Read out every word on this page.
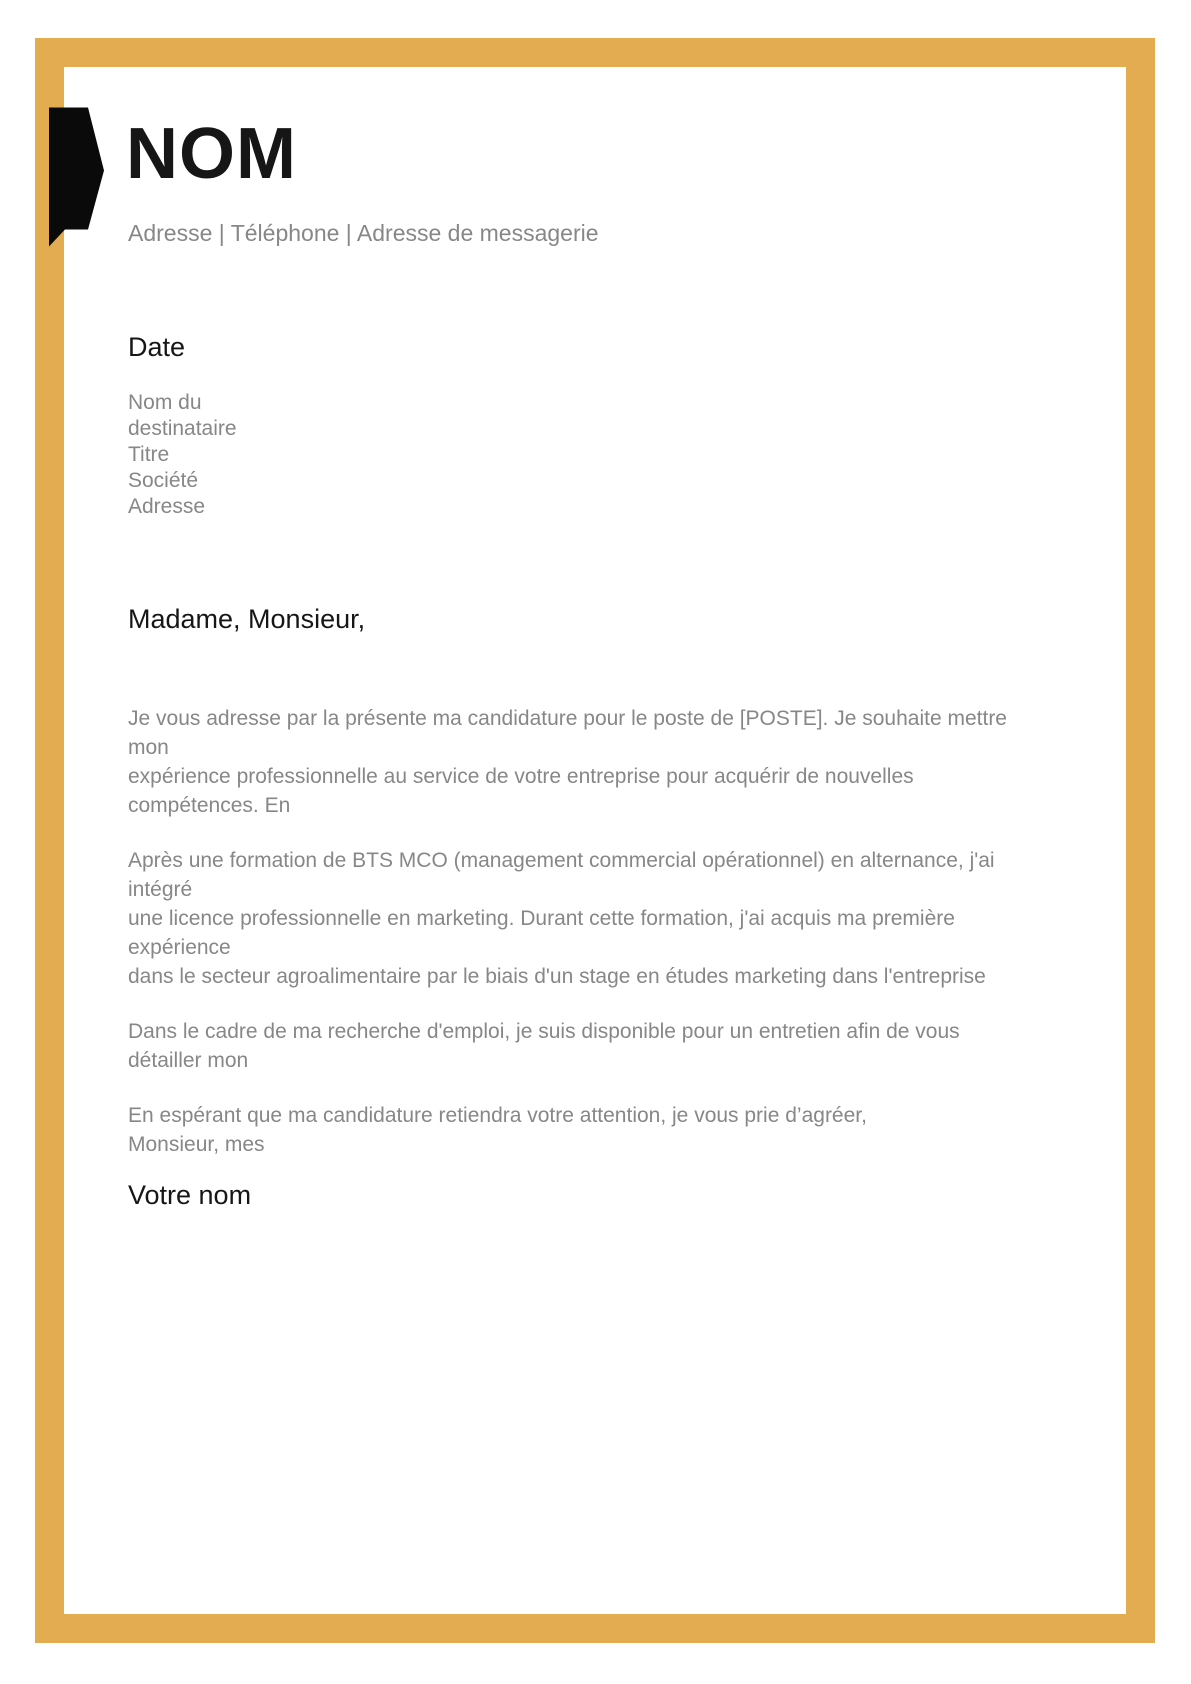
NOM
Adresse | Téléphone | Adresse de messagerie
Date
Nom du
destinataire
Titre
Société
Adresse
Madame, Monsieur,
Je vous adresse par la présente ma candidature pour le poste de [POSTE]. Je souhaite mettre
mon
expérience professionnelle au service de votre entreprise pour acquérir de nouvelles
compétences. En
Après une formation de BTS MCO (management commercial opérationnel) en alternance, j'ai
intégré
une licence professionnelle en marketing. Durant cette formation, j'ai acquis ma première
expérience
dans le secteur agroalimentaire par le biais d'un stage en études marketing dans l'entreprise
Dans le cadre de ma recherche d'emploi, je suis disponible pour un entretien afin de vous
détailler mon
En espérant que ma candidature retiendra votre attention, je vous prie d’agréer,
Monsieur, mes
Votre nom
